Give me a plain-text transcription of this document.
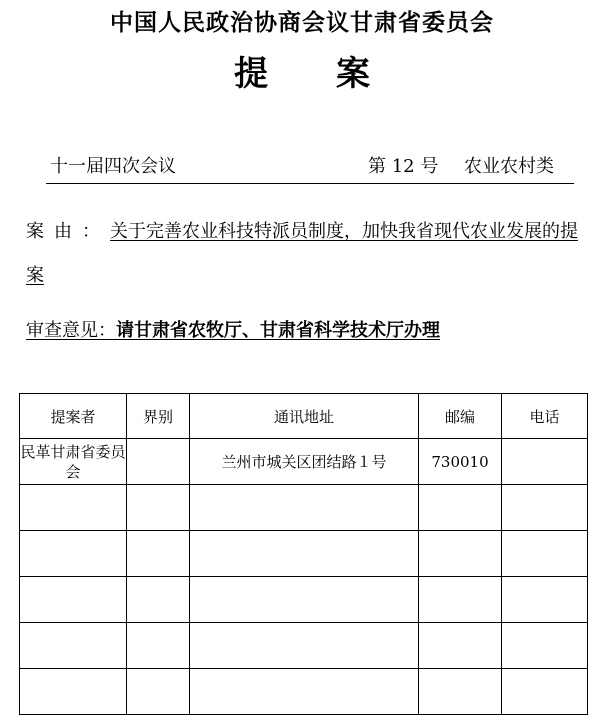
中国人民政治协商会议甘肃省委员会
提 案
十一届四次会议	第 12 号 农业农村类
案由：关于完善农业科技特派员制度，加快我省现代农业发展的提案
审查意见：请甘肃省农牧厅、甘肃省科学技术厅办理
提案者	界别	通讯地址	邮编	电话
民革甘肃省委员会		兰州市城关区团结路１号	730010	
